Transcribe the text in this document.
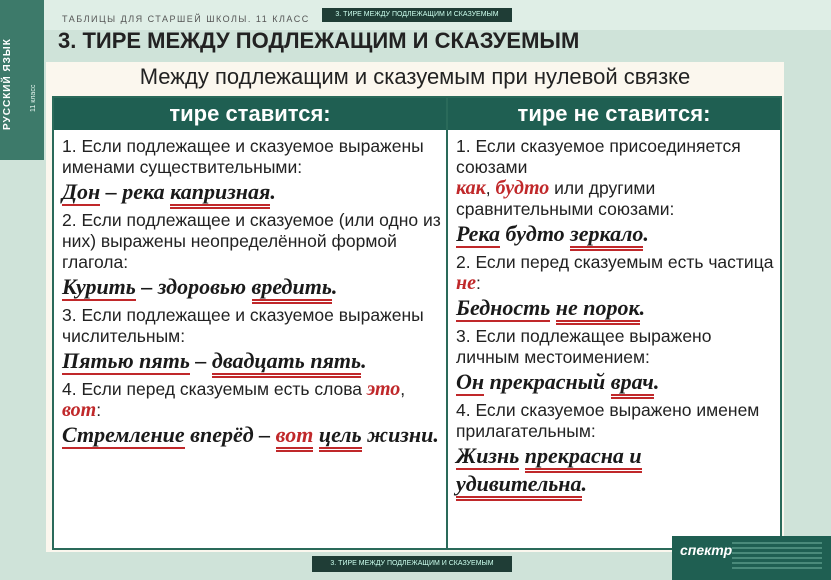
ТАБЛИЦЫ ДЛЯ СТАРШЕЙ ШКОЛЫ. 11 КЛАСС	3. ТИРЕ МЕЖДУ ПОДЛЕЖАЩИМ И СКАЗУЕМЫМ
РУССКИЙ ЯЗЫК 11 класс
3. ТИРЕ МЕЖДУ ПОДЛЕЖАЩИМ И СКАЗУЕМЫМ
Между подлежащим и сказуемым при нулевой связке
тире ставится:	тире не ставится:
1. Если подлежащее и сказуемое выражены именами существительными:
Дон – река капризная.
2. Если подлежащее и сказуемое (или одно из них) выражены неопределённой формой глагола:
Курить – здоровью вредить.
3. Если подлежащее и сказуемое выражены числительным:
Пятью пять – двадцать пять.
4. Если перед сказуемым есть слова это, вот:
Стремление вперёд – вот цель жизни.
1. Если сказуемое присоединяется союзами
как, будто или другими сравнительными союзами:
Река будто зеркало.
2. Если перед сказуемым есть частица не:
Бедность не порок.
3. Если подлежащее выражено личным местоимением:
Он прекрасный врач.
4. Если сказуемое выражено именем прилагательным:
Жизнь прекрасна и удивительна.
3. ТИРЕ МЕЖДУ ПОДЛЕЖАЩИМ И СКАЗУЕМЫМ
спектр
